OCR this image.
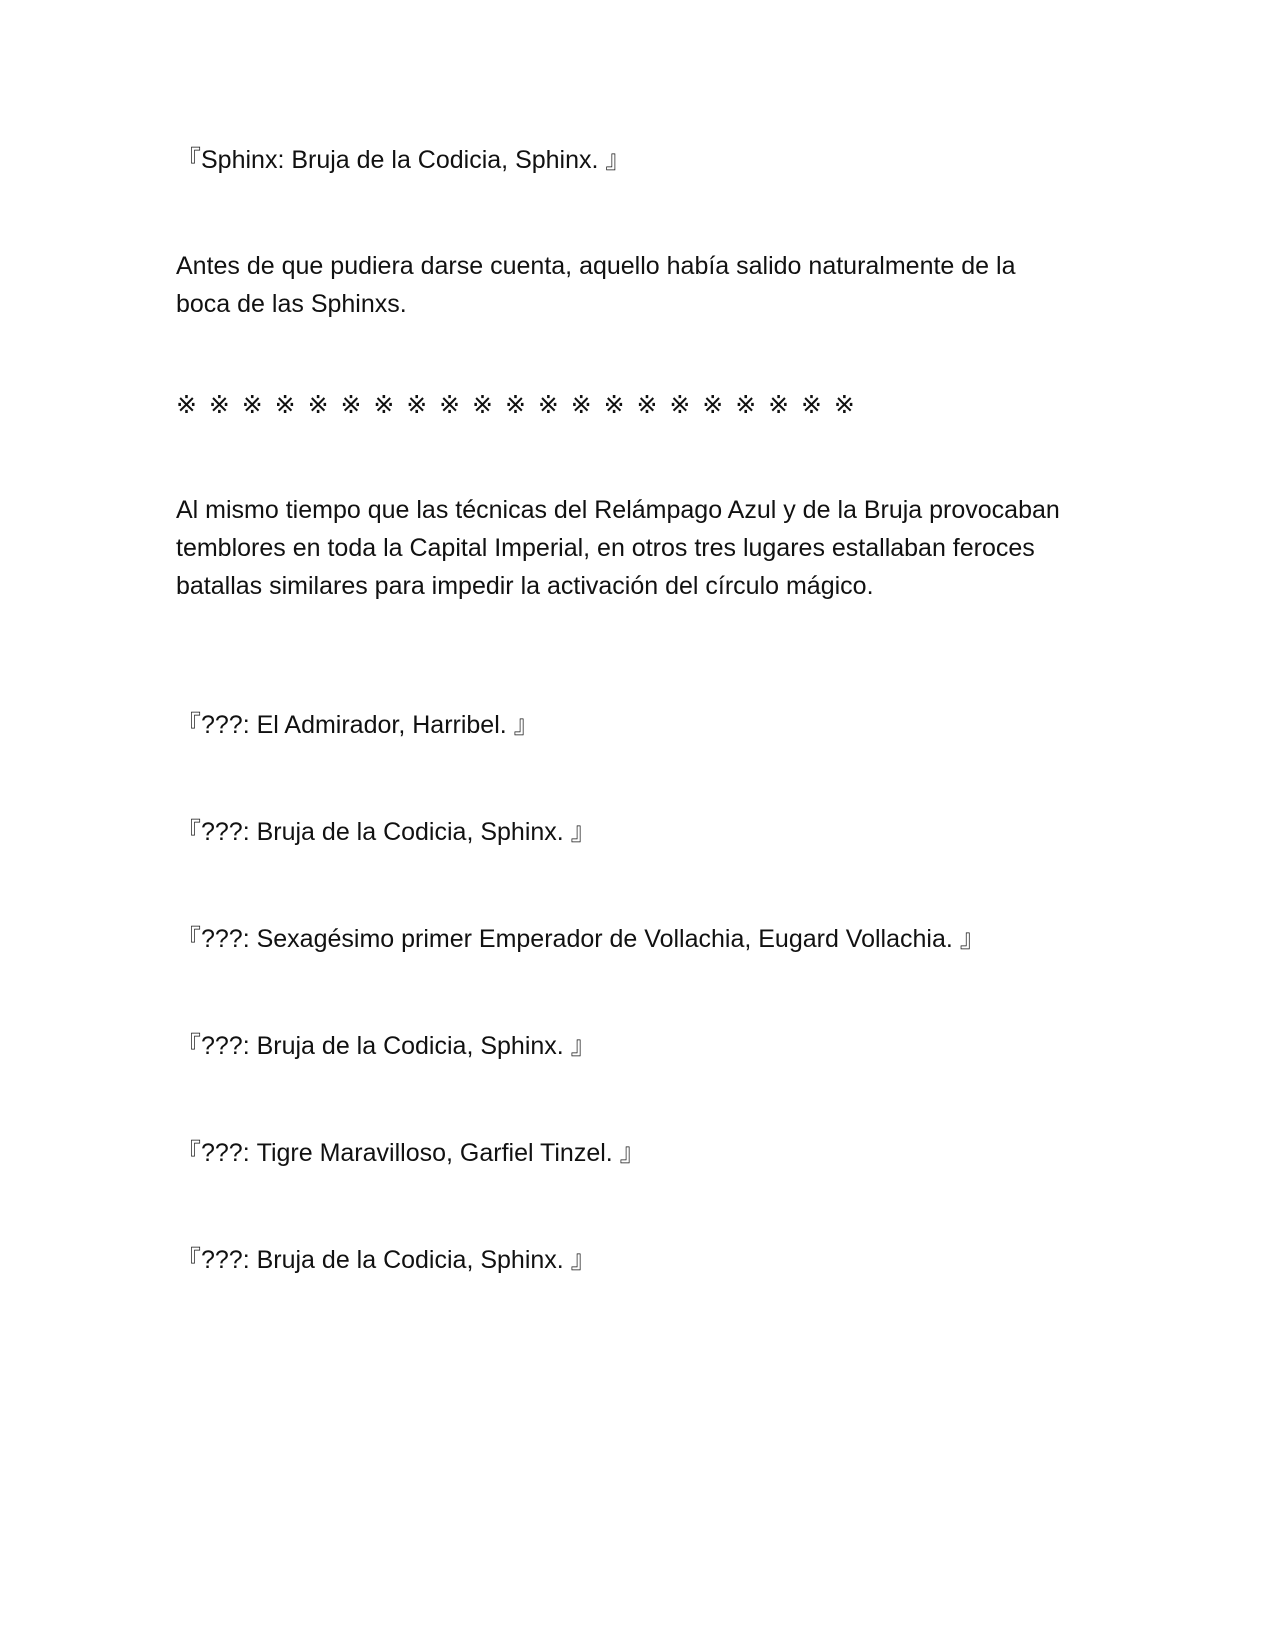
『Sphinx: Bruja de la Codicia, Sphinx. 』
Antes de que pudiera darse cuenta, aquello había salido naturalmente de la boca de las Sphinxs.
※ ※ ※ ※ ※ ※ ※ ※ ※ ※ ※ ※ ※ ※ ※ ※ ※ ※ ※ ※ ※
Al mismo tiempo que las técnicas del Relámpago Azul y de la Bruja provocaban temblores en toda la Capital Imperial, en otros tres lugares estallaban feroces batallas similares para impedir la activación del círculo mágico.
『???: El Admirador, Harribel. 』
『???: Bruja de la Codicia, Sphinx. 』
『???: Sexagésimo primer Emperador de Vollachia, Eugard Vollachia. 』
『???: Bruja de la Codicia, Sphinx. 』
『???: Tigre Maravilloso, Garfiel Tinzel. 』
『???: Bruja de la Codicia, Sphinx. 』
